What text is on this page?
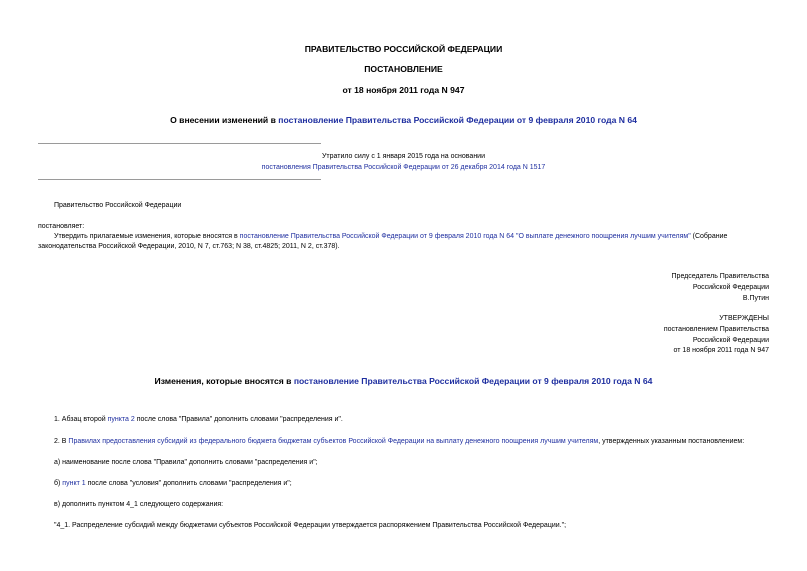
ПРАВИТЕЛЬСТВО РОССИЙСКОЙ ФЕДЕРАЦИИ
ПОСТАНОВЛЕНИЕ
от 18 ноября 2011 года N 947
О внесении изменений в постановление Правительства Российской Федерации от 9 февраля 2010 года N 64
Утратило силу с 1 января 2015 года на основании
постановления Правительства Российской Федерации от 26 декабря 2014 года N 1517
Правительство Российской Федерации
постановляет:
Утвердить прилагаемые изменения, которые вносятся в постановление Правительства Российской Федерации от 9 февраля 2010 года N 64 "О выплате денежного поощрения лучшим учителям" (Собрание
законодательства Российской Федерации, 2010, N 7, ст.763; N 38, ст.4825; 2011, N 2, ст.378).
Председатель Правительства
Российской Федерации
В.Путин
УТВЕРЖДЕНЫ
постановлением Правительства
Российской Федерации
от 18 ноября 2011 года N 947
Изменения, которые вносятся в постановление Правительства Российской Федерации от 9 февраля 2010 года N 64
1. Абзац второй пункта 2 после слова "Правила" дополнить словами "распределения и".
2. В Правилах предоставления субсидий из федерального бюджета бюджетам субъектов Российской Федерации на выплату денежного поощрения лучшим учителям, утвержденных указанным постановлением:
а) наименование после слова "Правила" дополнить словами "распределения и";
б) пункт 1 после слова "условия" дополнить словами "распределения и";
в) дополнить пунктом 4_1 следующего содержания:
"4_1. Распределение субсидий между бюджетами субъектов Российской Федерации утверждается распоряжением Правительства Российской Федерации.";
